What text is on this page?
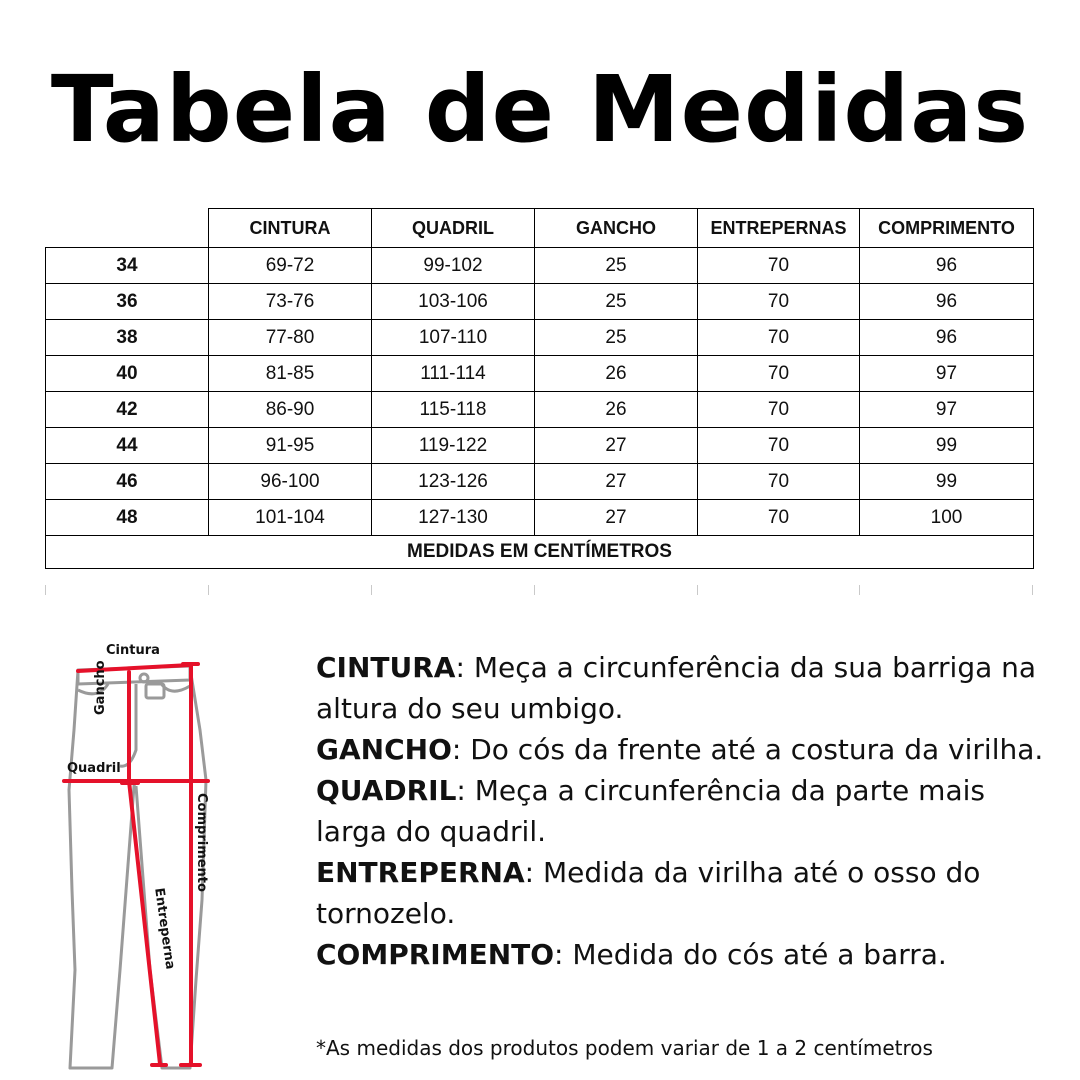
Tabela de Medidas
	CINTURA	QUADRIL	GANCHO	ENTREPERNAS	COMPRIMENTO
34	69-72	99-102	25	70	96
36	73-76	103-106	25	70	96
38	77-80	107-110	25	70	96
40	81-85	111-114	26	70	97
42	86-90	115-118	26	70	97
44	91-95	119-122	27	70	99
46	96-100	123-126	27	70	99
48	101-104	127-130	27	70	100
MEDIDAS EM CENTÍMETROS					
Cintura
Gancho
Quadril
Comprimento
Entreperna

CINTURA: Meça a circunferência da sua barriga na altura do seu umbigo.

GANCHO: Do cós da frente até a costura da virilha.

QUADRIL: Meça a circunferência da parte mais larga do quadril.

ENTREPERNA: Medida da virilha até o osso do tornozelo.

COMPRIMENTO: Medida do cós até a barra.

*As medidas dos produtos podem variar de 1 a 2 centímetros
